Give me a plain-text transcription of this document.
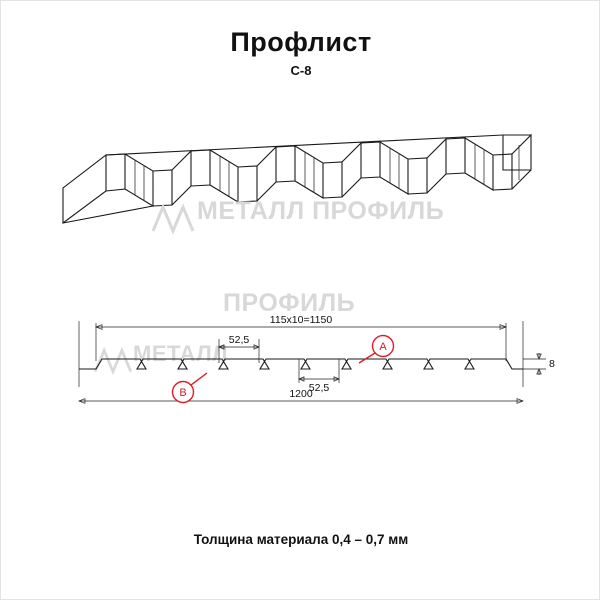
Профлист
С-8
МЕТАЛЛ ПРОФИЛЬ
ПРОФИЛЬ
МЕТАЛЛ
115х10=1150
52,5
52,5
1200
8
A
B
Толщина материала 0,4 – 0,7 мм
